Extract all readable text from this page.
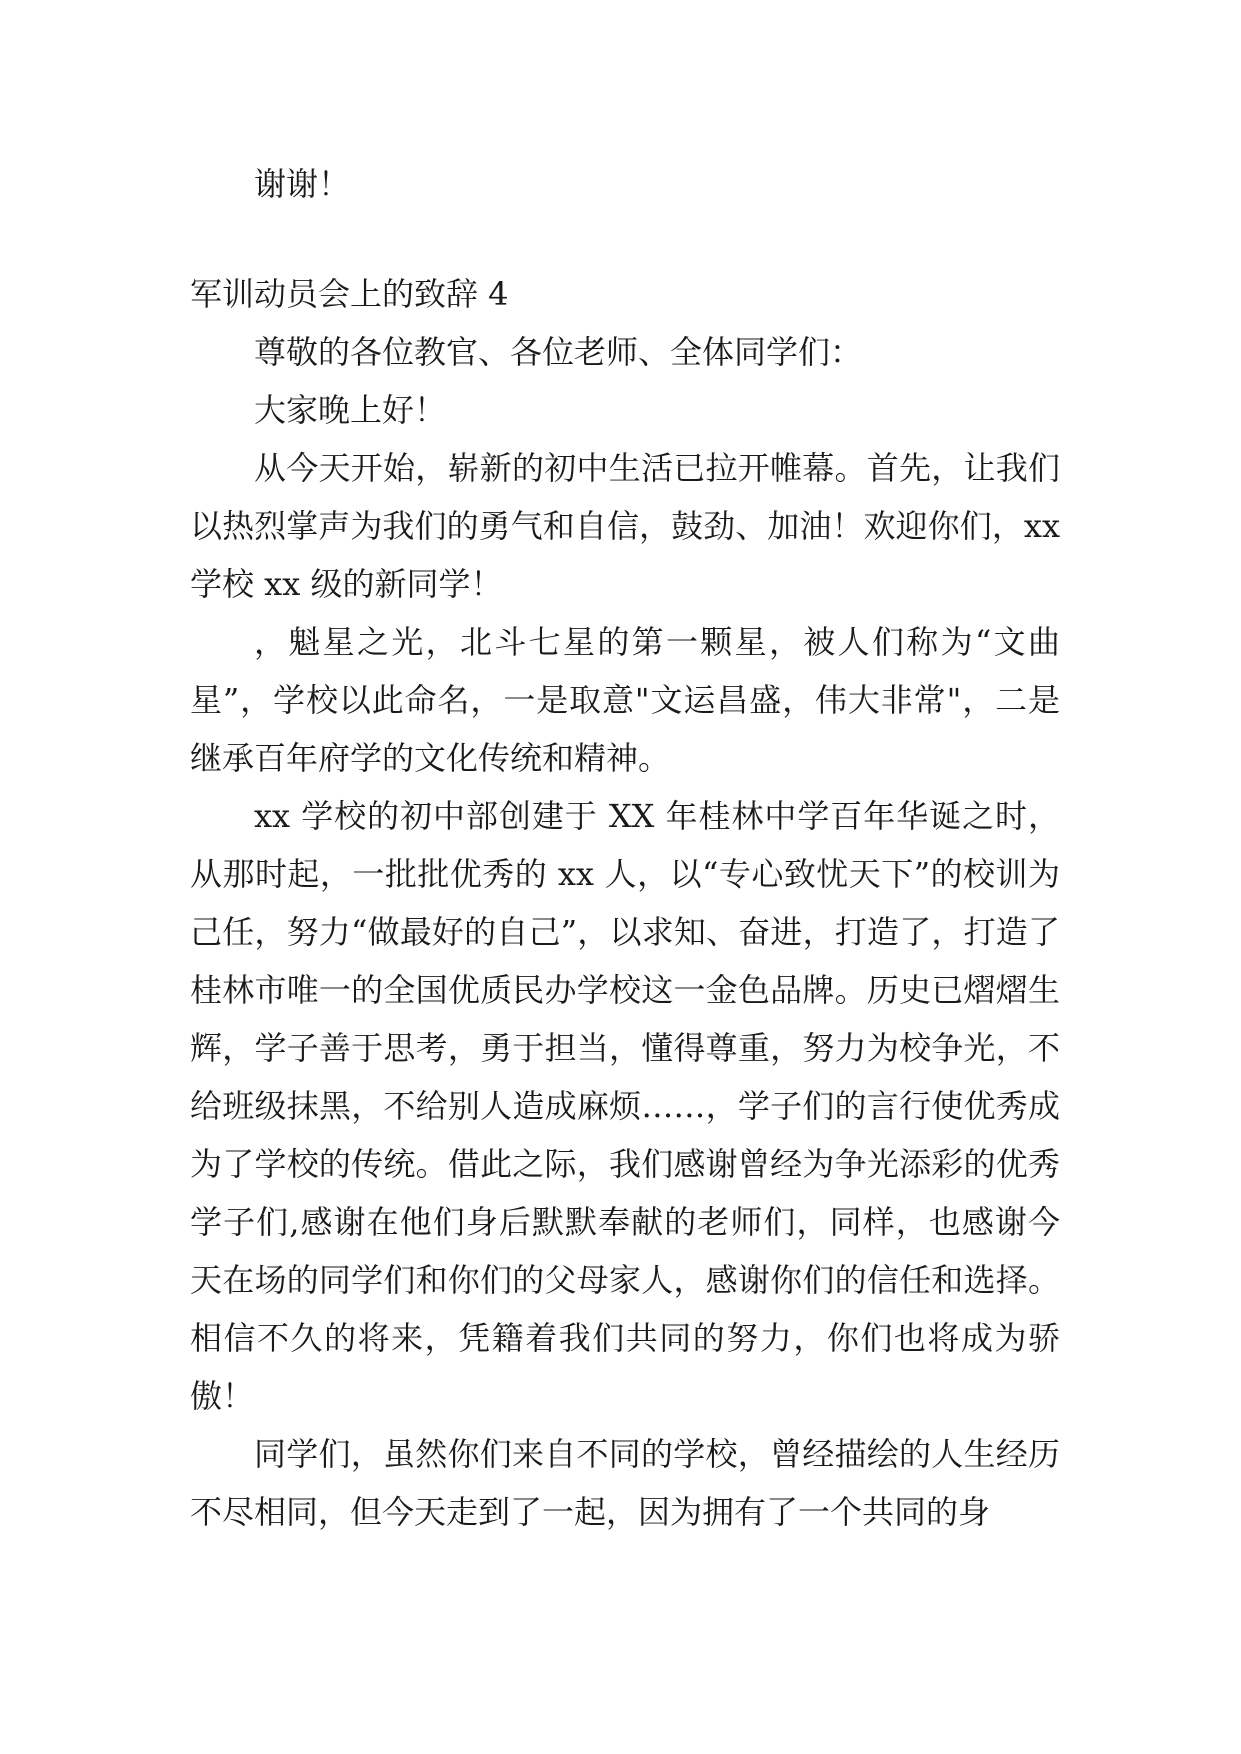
谢谢！

军训动员会上的致辞 4

尊敬的各位教官、各位老师、全体同学们：

大家晚上好！

从今天开始，崭新的初中生活已拉开帷幕。首先，让我们以热烈掌声为我们的勇气和自信，鼓劲、加油！欢迎你们，xx 学校 xx 级的新同学！

，魁星之光，北斗七星的第一颗星，被人们称为“文曲星”，学校以此命名，一是取意"文运昌盛，伟大非常"，二是继承百年府学的文化传统和精神。

xx 学校的初中部创建于 XX 年桂林中学百年华诞之时，从那时起，一批批优秀的 xx 人，以“专心致忧天下”的校训为己任，努力“做最好的自己”，以求知、奋进，打造了，打造了桂林市唯一的全国优质民办学校这一金色品牌。历史已熠熠生辉，学子善于思考，勇于担当，懂得尊重，努力为校争光，不给班级抹黑，不给别人造成麻烦……，学子们的言行使优秀成为了学校的传统。借此之际，我们感谢曾经为争光添彩的优秀学子们,感谢在他们身后默默奉献的老师们，同样，也感谢今天在场的同学们和你们的父母家人，感谢你们的信任和选择。相信不久的将来，凭籍着我们共同的努力，你们也将成为骄傲！

同学们，虽然你们来自不同的学校，曾经描绘的人生经历不尽相同，但今天走到了一起，因为拥有了一个共同的身
